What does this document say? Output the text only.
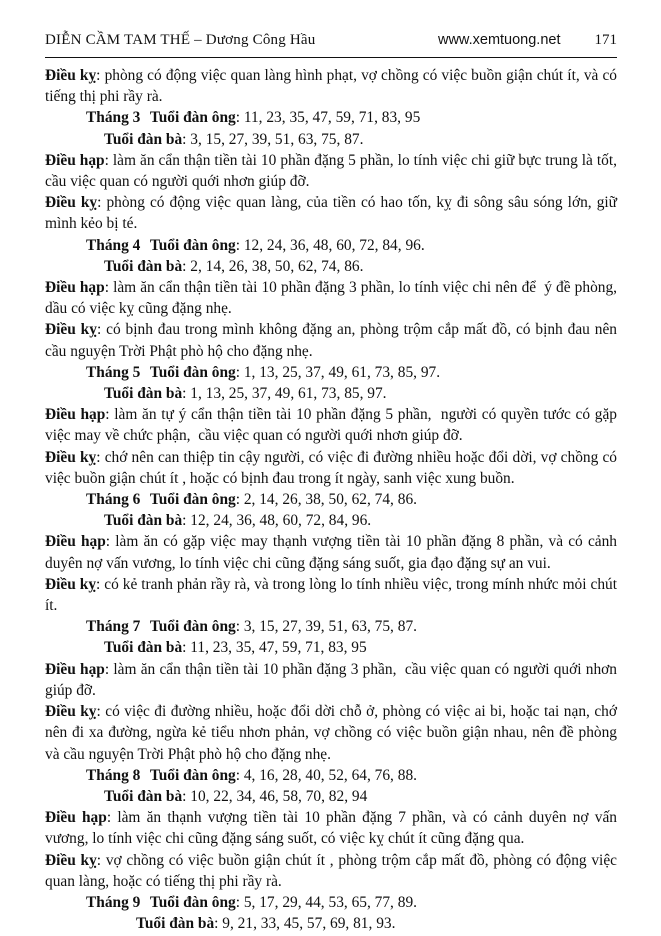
DIỄN CẦM TAM THẾ – Dương Công Hầu	www.xemtuong.net 171

Điều kỵ: phòng có động việc quan làng hình phạt, vợ chồng có việc buồn giận chút ít, và có tiếng thị phi rầy rà.

Tháng 3 Tuổi đàn ông: 11, 23, 35, 47, 59, 71, 83, 95

Tuổi đàn bà: 3, 15, 27, 39, 51, 63, 75, 87.

Điều hạp: làm ăn cẩn thận tiền tài 10 phần đặng 5 phần, lo tính việc chi giữ bực trung là tốt,  cầu việc quan có người quới nhơn giúp đỡ.

Điều kỵ: phòng có động việc quan làng, của tiền có hao tốn, kỵ đi sông sâu sóng lớn, giữ mình kẻo bị té.

Tháng 4 Tuổi đàn ông: 12, 24, 36, 48, 60, 72, 84, 96.

Tuổi đàn bà: 2, 14, 26, 38, 50, 62, 74, 86.

Điều hạp: làm ăn cẩn thận tiền tài 10 phần đặng 3 phần, lo tính việc chi nên để  ý đề phòng, dầu có việc kỵ cũng đặng nhẹ.

Điều kỵ: có bịnh đau trong mình không đặng an, phòng trộm cắp mất đồ, có bịnh đau nên cầu nguyện Trời Phật phò hộ cho đặng nhẹ.

Tháng 5 Tuổi đàn ông: 1, 13, 25, 37, 49, 61, 73, 85, 97.

Tuổi đàn bà: 1, 13, 25, 37, 49, 61, 73, 85, 97.

Điều hạp: làm ăn tự ý cẩn thận tiền tài 10 phần đặng 5 phần,  người có quyền tước có gặp việc may về chức phận,  cầu việc quan có người quới nhơn giúp đỡ.

Điều kỵ: chớ nên can thiệp tin cậy người, có việc đi đường nhiều hoặc đổi dời, vợ chồng có việc buồn giận chút ít , hoặc có bịnh đau trong ít ngày, sanh việc xung buồn.

Tháng 6 Tuổi đàn ông: 2, 14, 26, 38, 50, 62, 74, 86.

Tuổi đàn bà: 12, 24, 36, 48, 60, 72, 84, 96.

Điều hạp: làm ăn có gặp việc may thạnh vượng tiền tài 10 phần đặng 8 phần, và có cảnh duyên nợ vấn vương, lo tính việc chi cũng đặng sáng suốt, gia đạo đặng sự an vui.

Điều kỵ: có kẻ tranh phản rầy rà, và trong lòng lo tính nhiều việc, trong mính nhức mỏi chút ít.

Tháng 7 Tuổi đàn ông: 3, 15, 27, 39, 51, 63, 75, 87.

Tuổi đàn bà: 11, 23, 35, 47, 59, 71, 83, 95

Điều hạp: làm ăn cẩn thận tiền tài 10 phần đặng 3 phần,  cầu việc quan có người quới nhơn giúp đỡ.

Điều kỵ: có việc đi đường nhiều, hoặc đổi dời chỗ ở, phòng có việc ai bi, hoặc tai nạn, chớ nên đi xa đường, ngừa kẻ tiểu nhơn phản, vợ chồng có việc buồn giận nhau, nên đề phòng và cầu nguyện Trời Phật phò hộ cho đặng nhẹ.

Tháng 8 Tuổi đàn ông: 4, 16, 28, 40, 52, 64, 76, 88.

Tuổi đàn bà: 10, 22, 34, 46, 58, 70, 82, 94

Điều hạp: làm ăn thạnh vượng tiền tài 10 phần đặng 7 phần, và có cảnh duyên nợ vấn vương, lo tính việc chi cũng đặng sáng suốt, có việc kỵ chút ít cũng đặng qua.

Điều kỵ: vợ chồng có việc buồn giận chút ít , phòng trộm cắp mất đồ, phòng có động việc quan làng, hoặc có tiếng thị phi rầy rà.

Tháng 9 Tuổi đàn ông: 5, 17, 29, 44, 53, 65, 77, 89.

Tuổi đàn bà: 9, 21, 33, 45, 57, 69, 81, 93.
